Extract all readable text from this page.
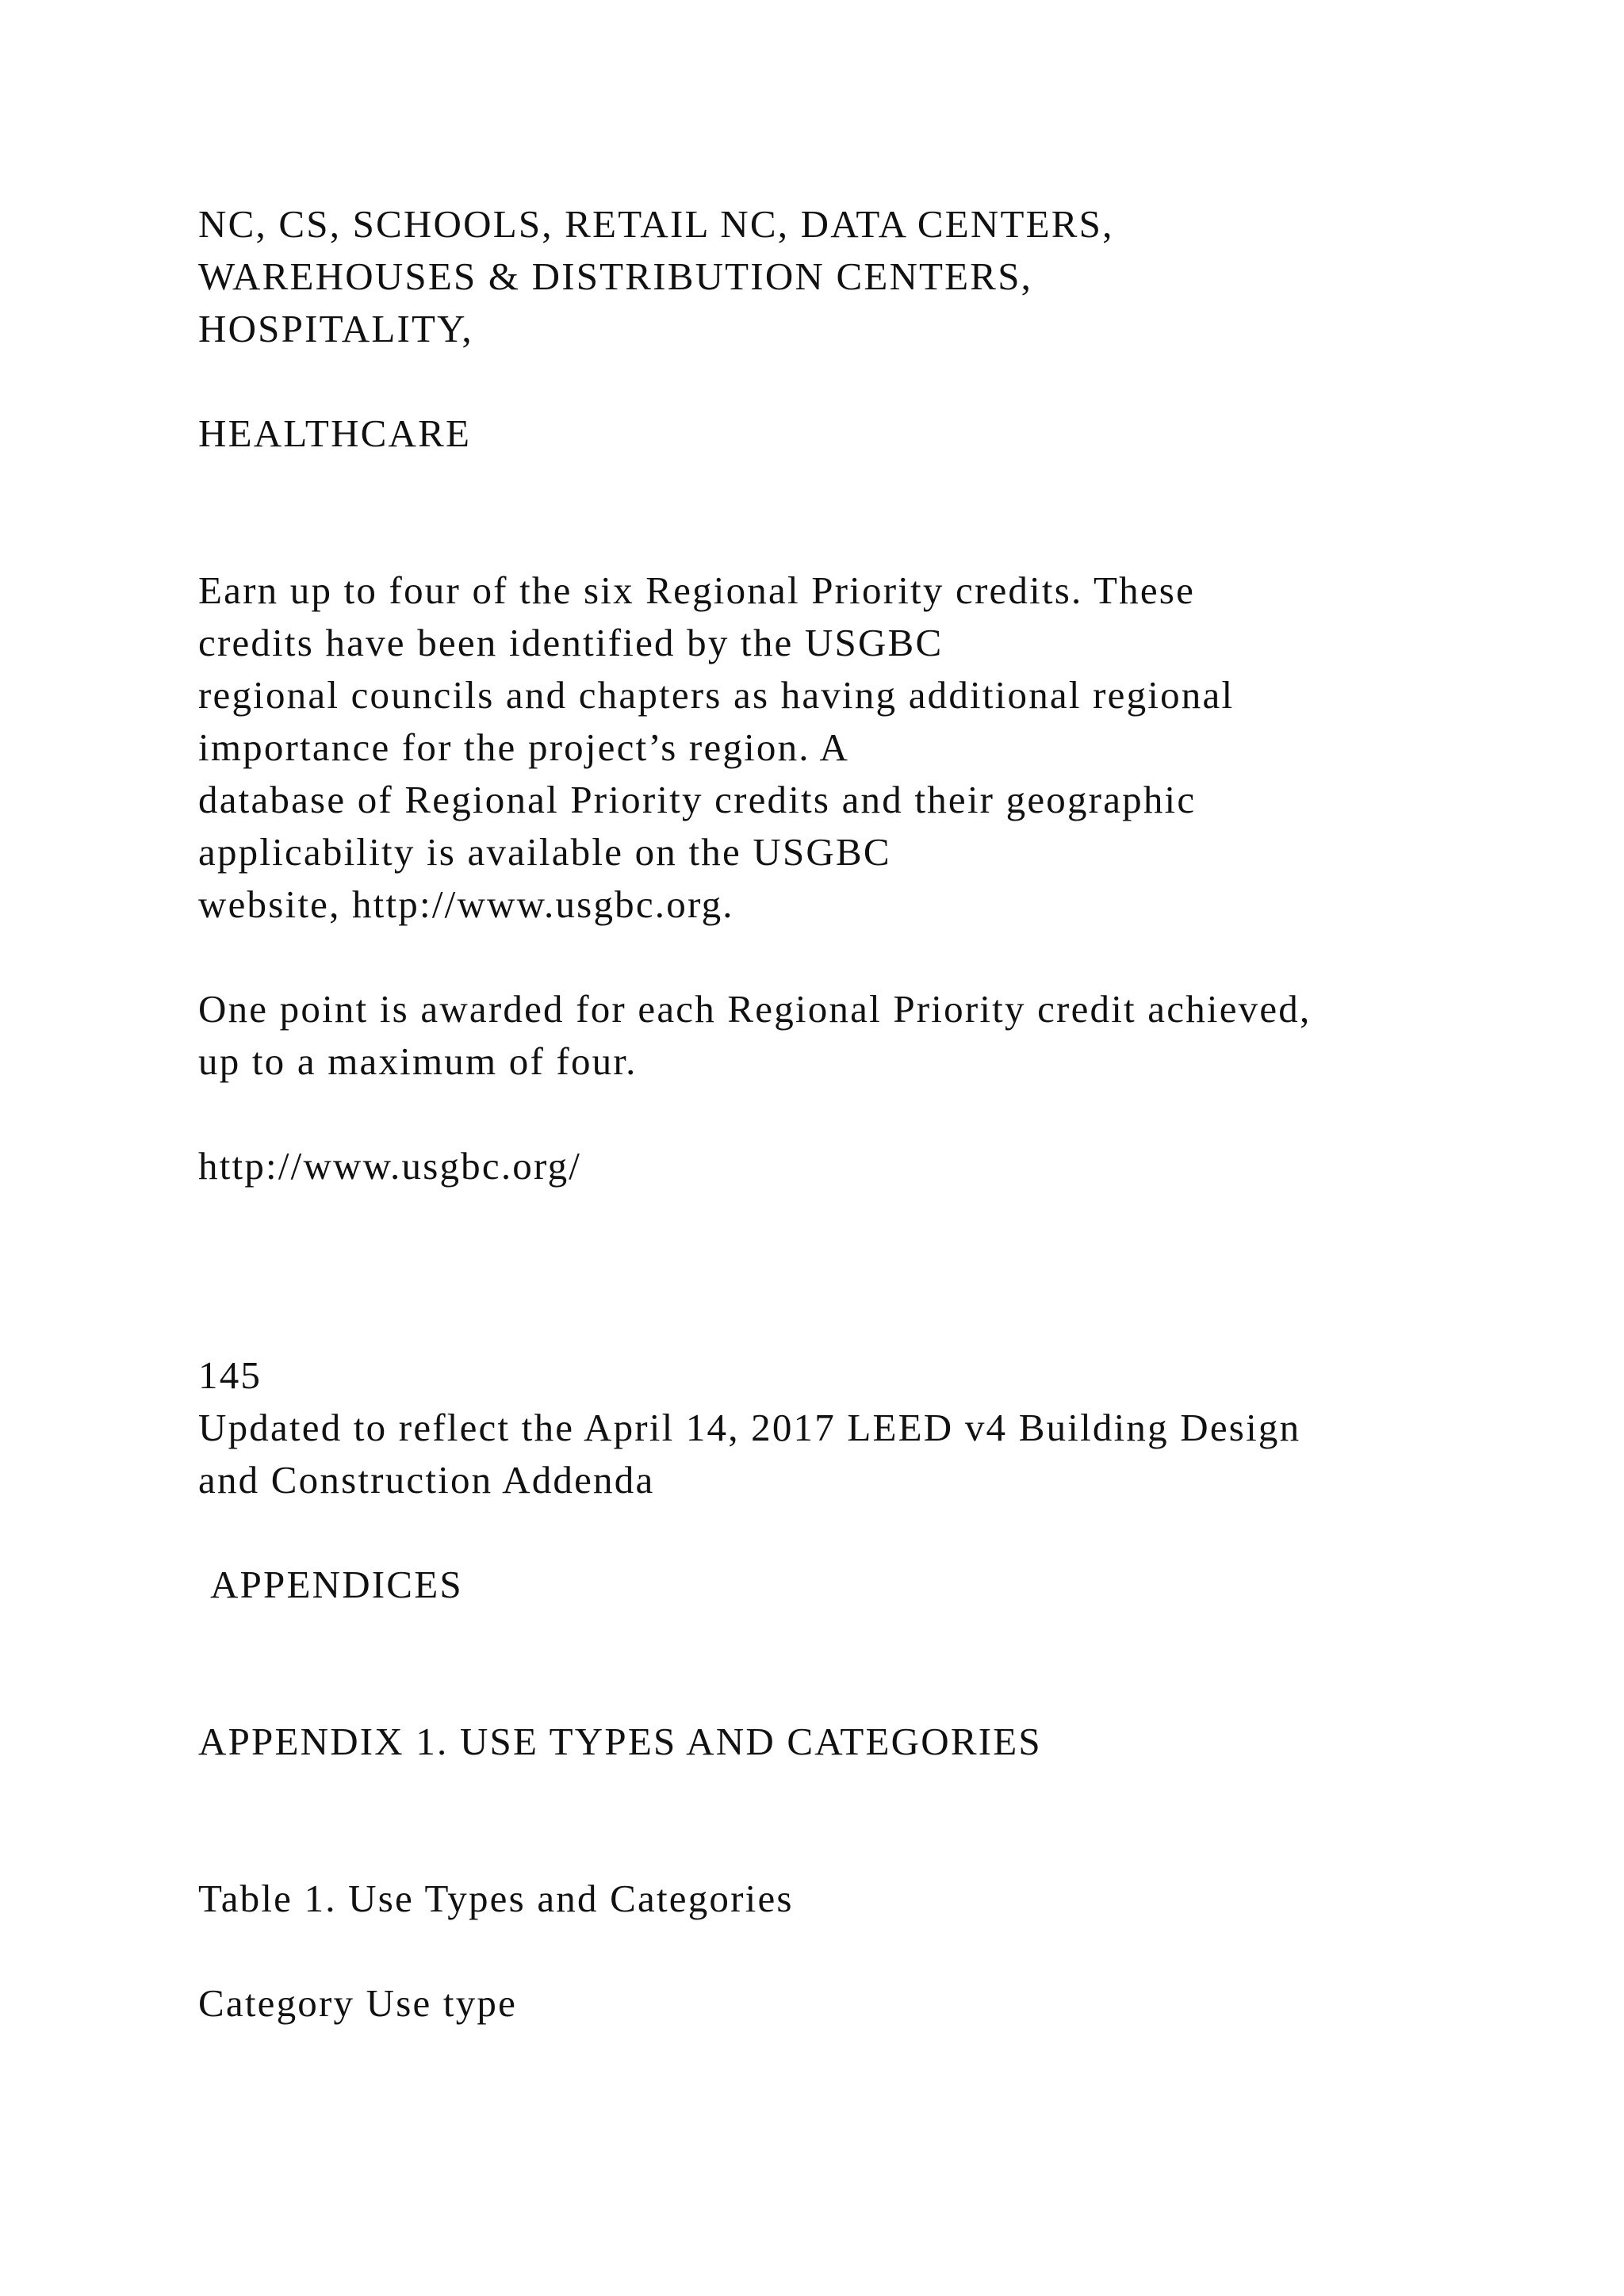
NC, CS, SCHOOLS, RETAIL NC, DATA CENTERS,
WAREHOUSES & DISTRIBUTION CENTERS,
HOSPITALITY,
HEALTHCARE
Earn up to four of the six Regional Priority credits. These
credits have been identified by the USGBC
regional councils and chapters as having additional regional
importance for the project’s region. A
database of Regional Priority credits and their geographic
applicability is available on the USGBC
website, http://www.usgbc.org.
One point is awarded for each Regional Priority credit achieved,
up to a maximum of four.
http://www.usgbc.org/
145
Updated to reflect the April 14, 2017 LEED v4 Building Design
and Construction Addenda
APPENDICES
APPENDIX 1. USE TYPES AND CATEGORIES
Table 1. Use Types and Categories
Category Use type
